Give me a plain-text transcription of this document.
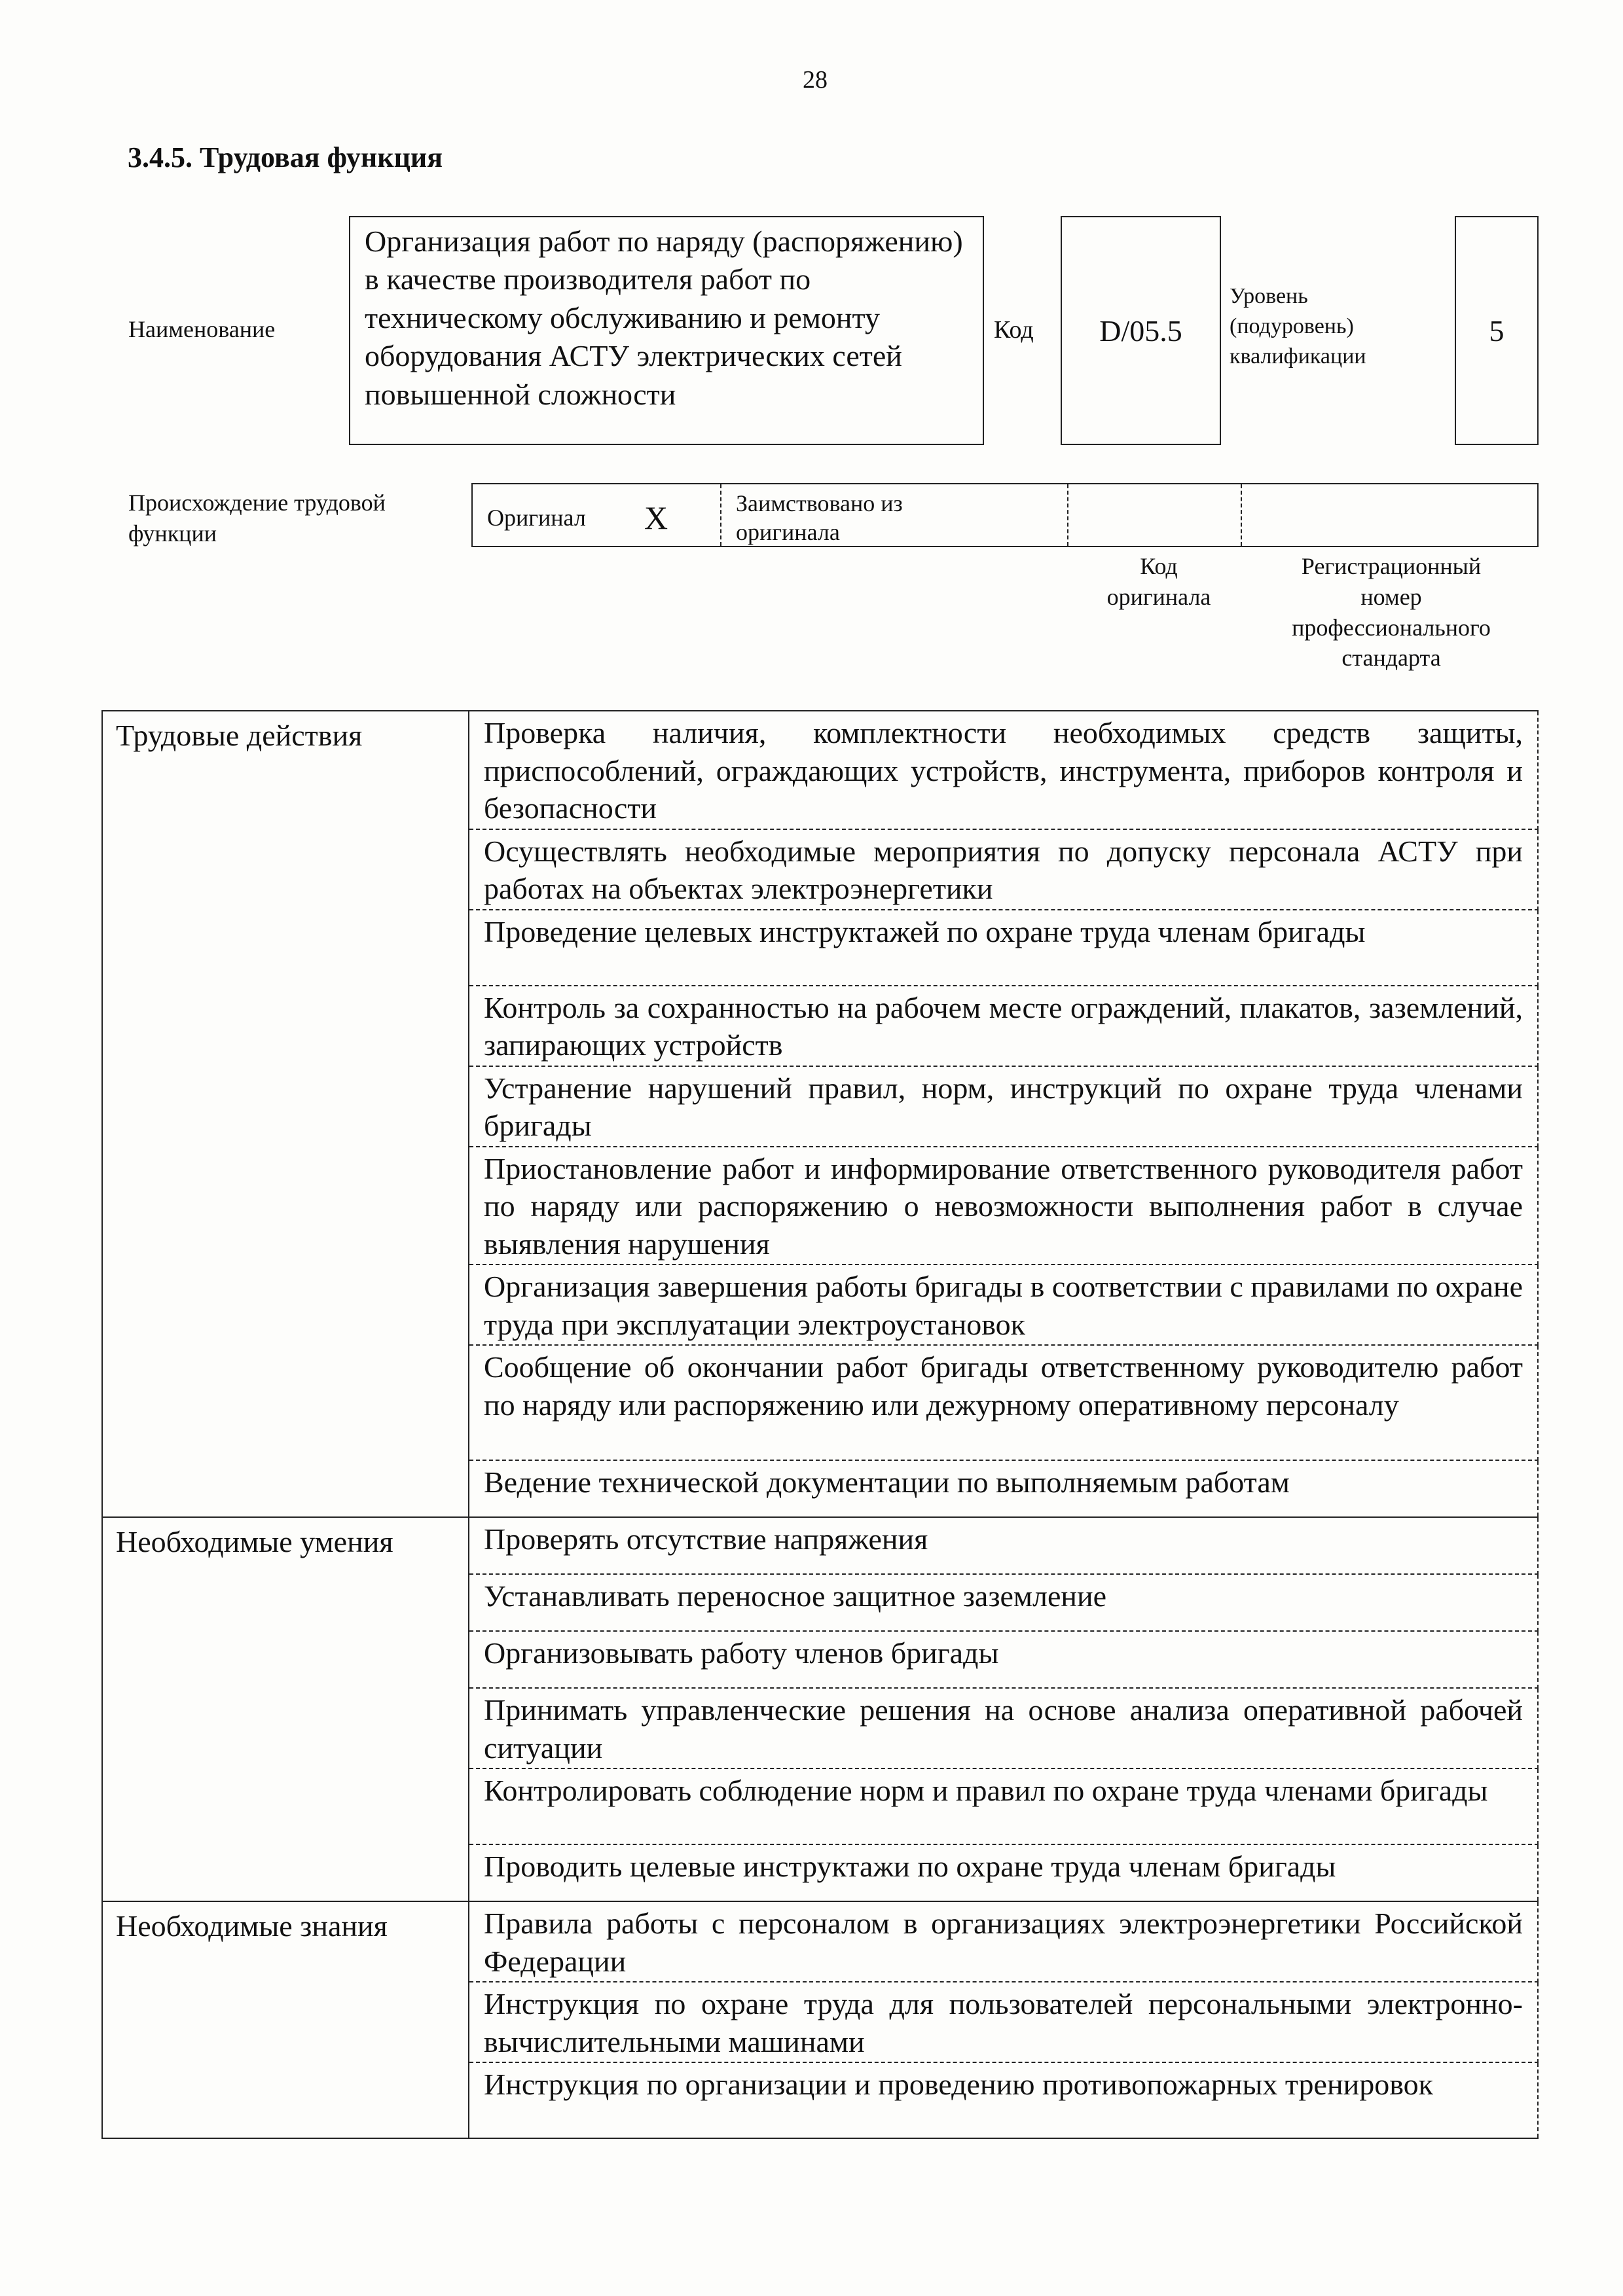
28
3.4.5. Трудовая функция
Наименование
Организация работ по наряду (распоряжению) в качестве производителя работ по техническому обслуживанию и ремонту оборудования АСТУ электрических сетей повышенной сложности
Код	D/05.5
Уровень
(подуровень)
квалификации
5
Происхождение трудовой
функции
Оригинал X	Заимствовано из
оригинала
Код
оригинала
Регистрационный
номер
профессионального
стандарта
Трудовые действия	Проверка наличия, комплектности необходимых средств защиты, приспособлений, ограждающих устройств, инструмента, приборов контроля и безопасности
	Осуществлять необходимые мероприятия по допуску персонала АСТУ при работах на объектах электроэнергетики
	Проведение целевых инструктажей по охране труда членам бригады
	Контроль за сохранностью на рабочем месте ограждений, плакатов, заземлений, запирающих устройств
	Устранение нарушений правил, норм, инструкций по охране труда членами бригады
	Приостановление работ и информирование ответственного руководителя работ по наряду или распоряжению о невозможности выполнения работ в случае выявления нарушения
	Организация завершения работы бригады в соответствии с правилами по охране труда при эксплуатации электроустановок
	Сообщение об окончании работ бригады ответственному руководителю работ по наряду или распоряжению или дежурному оперативному персоналу
	Ведение технической документации по выполняемым работам
Необходимые умения	Проверять отсутствие напряжения
	Устанавливать переносное защитное заземление
	Организовывать работу членов бригады
	Принимать управленческие решения на основе анализа оперативной рабочей ситуации
	Контролировать соблюдение норм и правил по охране труда членами бригады
	Проводить целевые инструктажи по охране труда членам бригады
Необходимые знания	Правила работы с персоналом в организациях электроэнергетики Российской Федерации
	Инструкция по охране труда для пользователей персональными электронно-вычислительными машинами
	Инструкция по организации и проведению противопожарных тренировок
